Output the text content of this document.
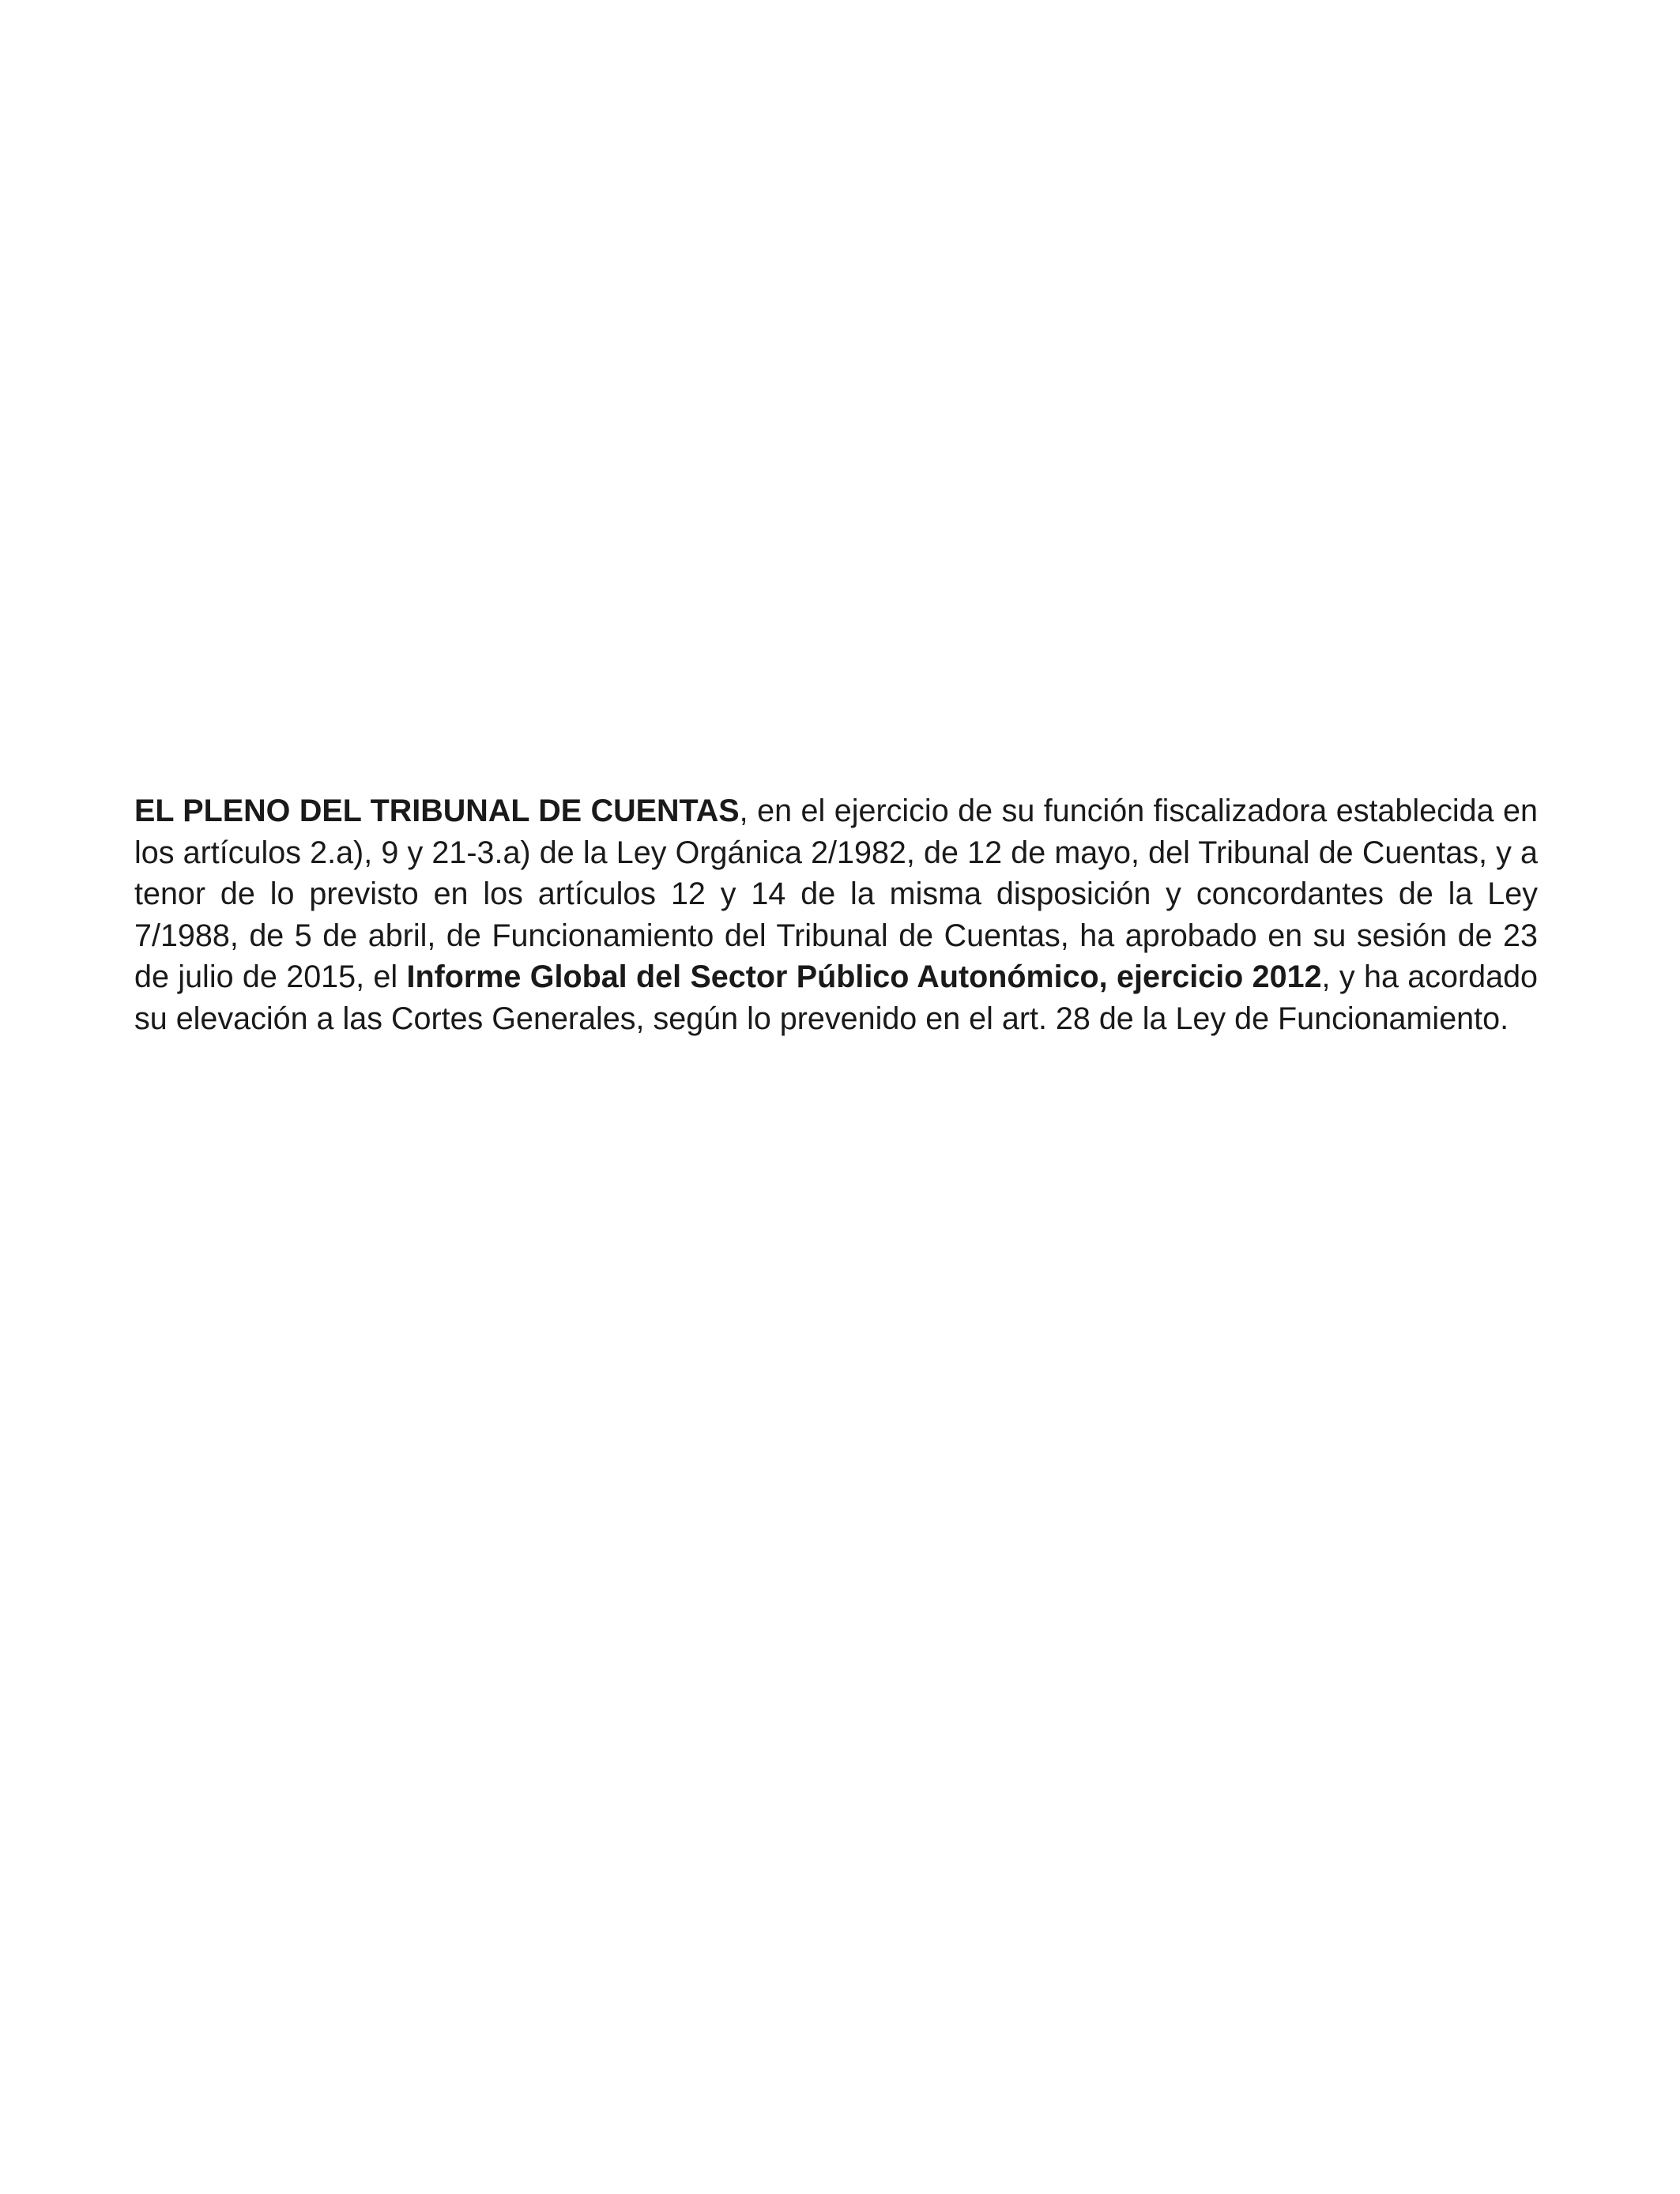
EL PLENO DEL TRIBUNAL DE CUENTAS, en el ejercicio de su función fiscalizadora establecida en los artículos 2.a), 9 y 21-3.a) de la Ley Orgánica 2/1982, de 12 de mayo, del Tribunal de Cuentas, y a tenor de lo previsto en los artículos 12 y 14 de la misma disposición y concordantes de la Ley 7/1988, de 5 de abril, de Funcionamiento del Tribunal de Cuentas, ha aprobado en su sesión de 23 de julio de 2015, el Informe Global del Sector Público Autonómico, ejercicio 2012, y ha acordado su elevación a las Cortes Generales, según lo prevenido en el art. 28 de la Ley de Funcionamiento.
